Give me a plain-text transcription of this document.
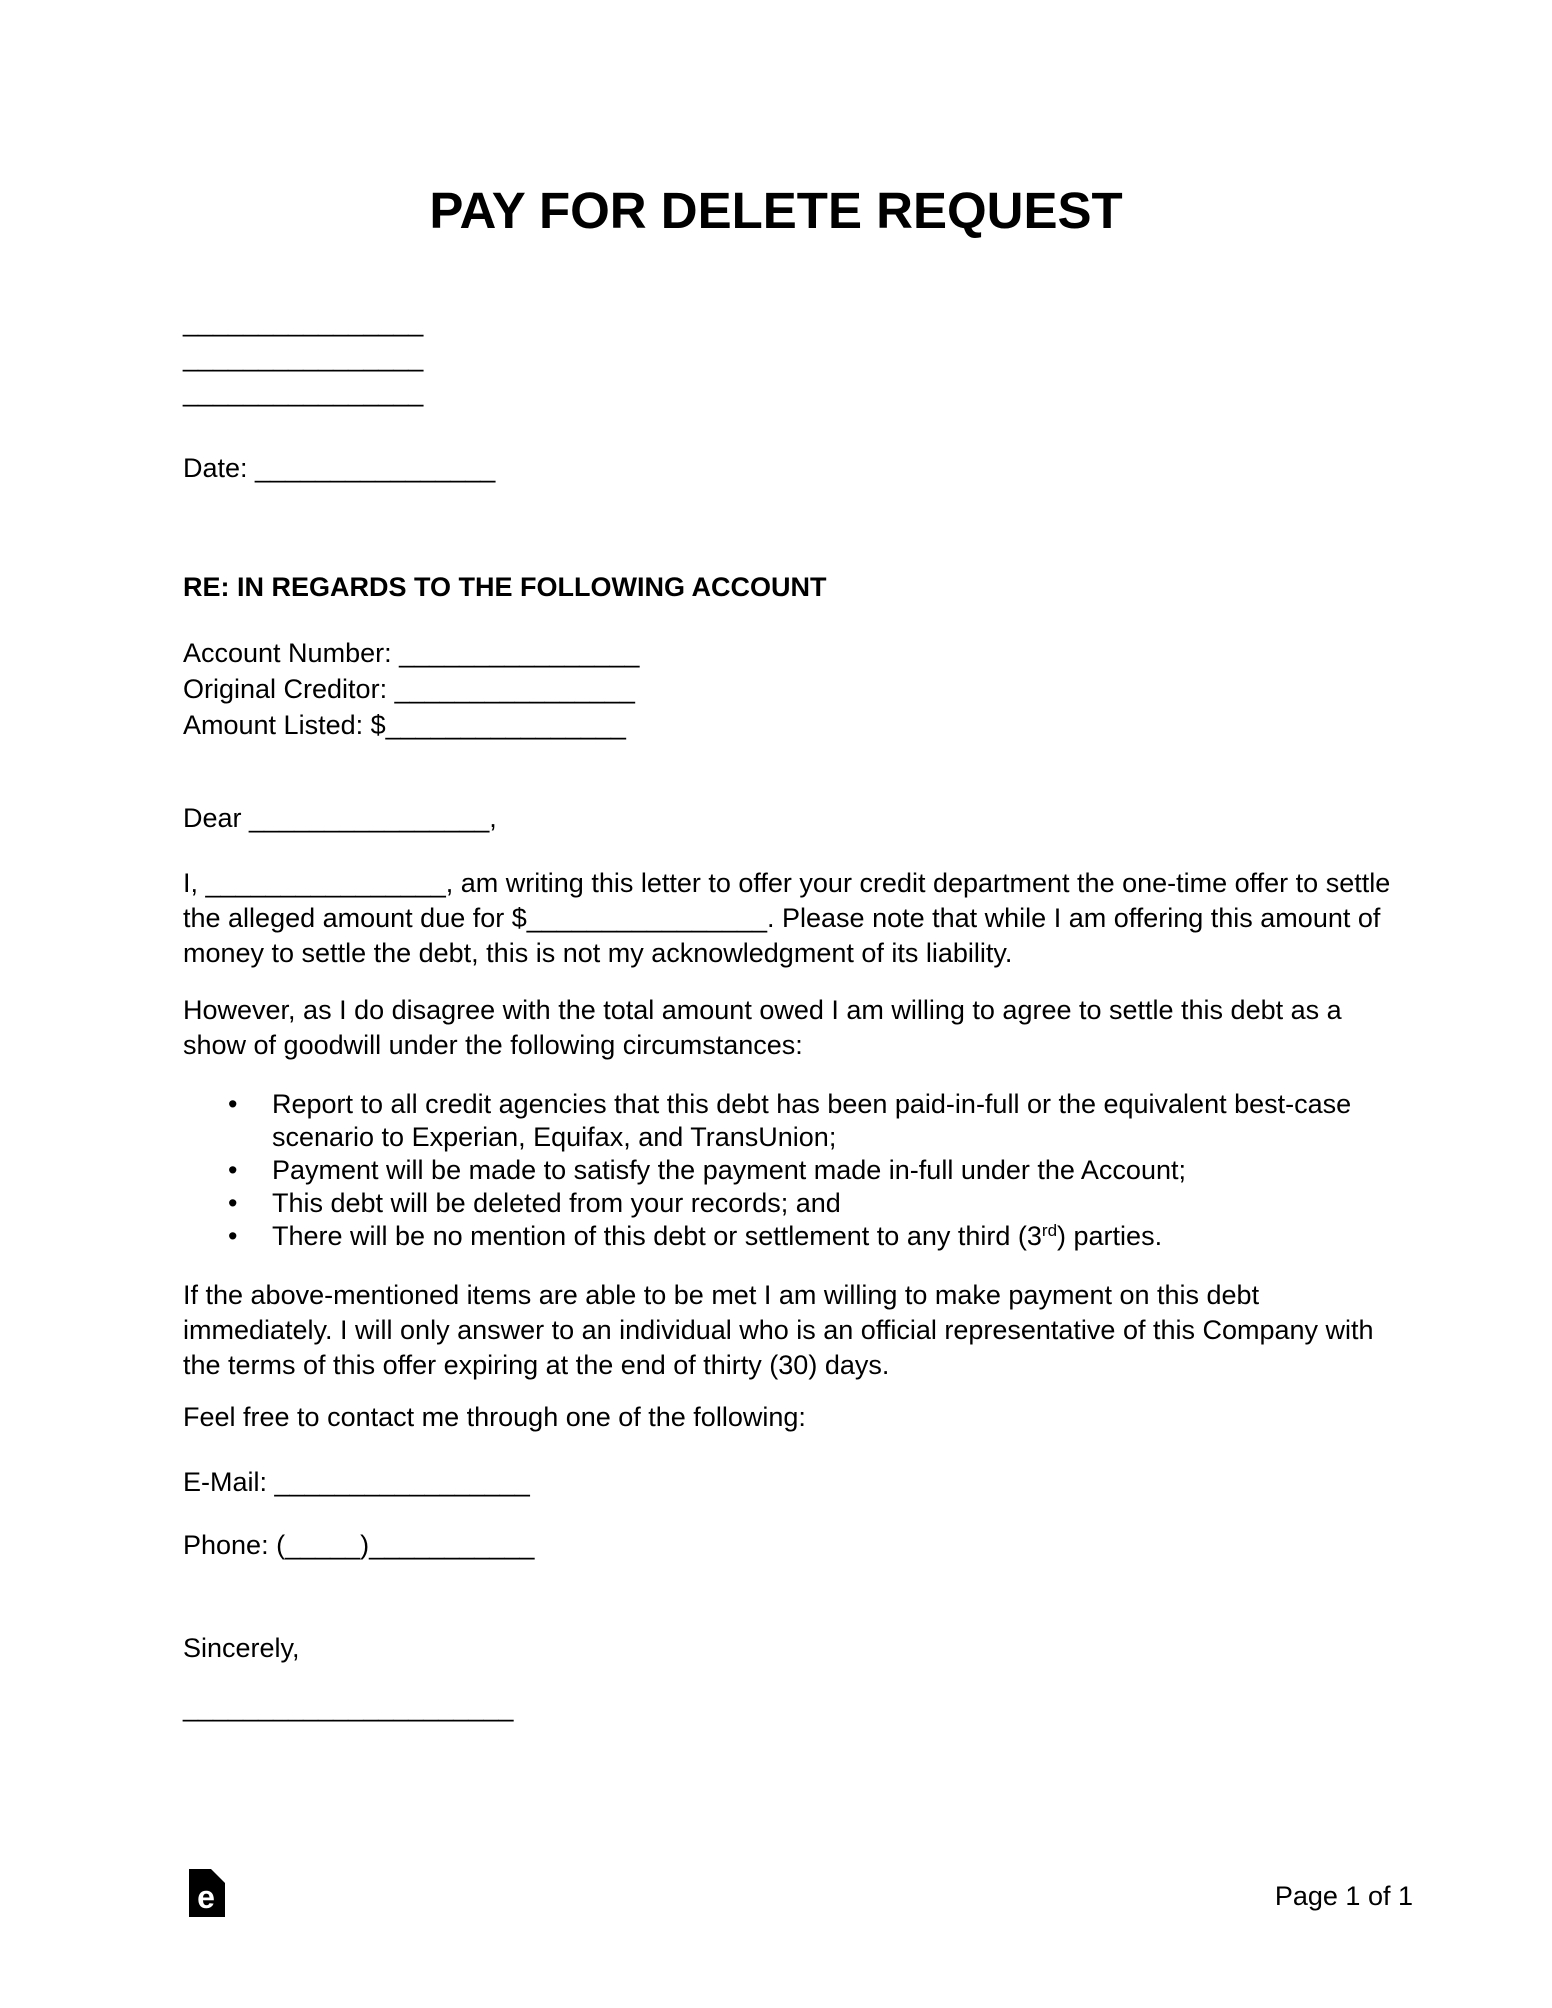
PAY FOR DELETE REQUEST
________________
________________
________________
Date: ________________
RE: IN REGARDS TO THE FOLLOWING ACCOUNT
Account Number: ________________
Original Creditor: ________________
Amount Listed: $________________
Dear ________________,
I, ________________, am writing this letter to offer your credit department the one-time offer to settle the alleged amount due for $________________. Please note that while I am offering this amount of money to settle the debt, this is not my acknowledgment of its liability.
However, as I do disagree with the total amount owed I am willing to agree to settle this debt as a show of goodwill under the following circumstances:
• Report to all credit agencies that this debt has been paid-in-full or the equivalent best-case scenario to Experian, Equifax, and TransUnion;
• Payment will be made to satisfy the payment made in-full under the Account;
• This debt will be deleted from your records; and
• There will be no mention of this debt or settlement to any third (3rd) parties.
If the above-mentioned items are able to be met I am willing to make payment on this debt immediately. I will only answer to an individual who is an official representative of this Company with the terms of this offer expiring at the end of thirty (30) days.
Feel free to contact me through one of the following:
E-Mail: _________________
Phone: (_____)___________
Sincerely,
______________________
e	Page 1 of 1
